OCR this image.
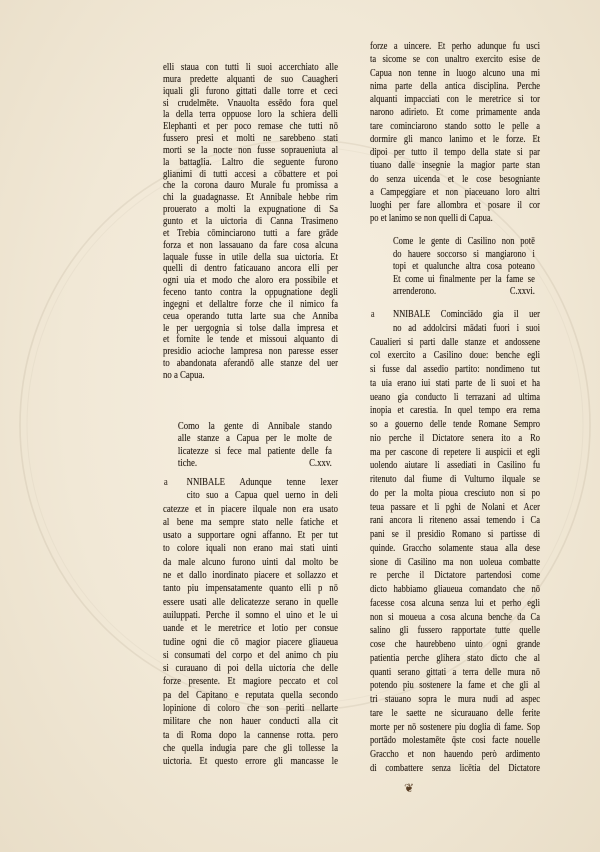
elli staua con tutti li suoi accerchiato alle
mura predette alquanti de suo Cauagheri
iquali gli furono gittati dalle torre et ceci
si crudelmēte. Vnauolta essēdo fora quel
la della terra oppuose loro la schiera delli
Elephanti et per poco remase che tutti nō
fussero presi et molti ne sarebbeno stati
morti se la nocte non fusse sopraueniuta al
la battaglia. Laltro die seguente furono
glianimi di tutti accesi a cōbattere et poi
che la corona dauro Murale fu promissa a
chi la guadagnasse. Et Annibale hebbe rim
prouerato a molti la expugnatione di Sa
gunto et la uictoria di Canna Trasimeno
et Trebia cōminciarono tutti a fare grāde
forza et non lassauano da fare cosa alcuna
laquale fusse in utile della sua uictoria. Et
quelli di dentro faticauano ancora elli per
ogni uia et modo che aloro era possibile et
feceno tanto contra la oppugnatione degli
ingegni et dellaltre forze che il nimico fa
ceua operando tutta larte sua che Anniba
le per uergognia si tolse dalla impresa et
et fornite le tende et missoui alquanto di
presidio acioche lampresa non paresse esser
to abandonata aferandō alle stanze del uer
no a Capua.
Como la gente di Annibale stando
alle stanze a Capua per le molte de
licatezze si fece mal patiente delle fa
tiche.	C.xxv.
a	NNIBALE Adunque tenne lexer
cito suo a Capua quel uerno in deli
catezze et in piacere ilquale non era usato
al bene ma sempre stato nelle fatiche et
usato a supportare ogni affanno. Et per tut
to colore iquali non erano mai stati uinti
da male alcuno furono uinti dal molto be
ne et dallo inordinato piacere et sollazzo et
tanto piu impensatamente quanto elli p nō
essere usati alle delicatezze serano in quelle
auiluppati. Perche il somno el uino et le ui
uande et le meretrice et lotio per consue
tudine ogni die cō magior piacere gliaueua
si consumati del corpo et del animo ch piu
si curauano di poi della uictoria che delle
forze presente. Et magiore peccato et col
pa del Capitano e reputata quella secondo
lopinione di coloro che son periti nellarte
militare che non hauer conducti alla cit
ta di Roma dopo la cannense rotta. pero
che quella indugia pare che gli tollesse la
uictoria. Et questo errore gli mancasse le
forze a uincere. Et perho adunque fu usci
ta sicome se con unaltro exercito esise de
Capua non tenne in luogo alcuno una mi
nima parte della antica disciplina. Perche
alquanti impacciati con le meretrice si tor
narono adirieto. Et come primamente anda
tare cominciarono stando sotto le pelle a
dormire gli manco lanimo et le forze. Et
dipoi per tutto il tempo della state si par
tiuano dalle insegnie la magior parte stan
do senza uicenda et le cose besogniante
a Campeggiare et non piaceuano loro altri
luoghi per fare allombra et posare il cor
po et lanimo se non quelli di Capua.
Come le gente di Casilino non potē
do hauere soccorso si mangiarono i
topi et qualunche altra cosa poteano
Et come ui finalmente per la fame se
arrenderono.	C.xxvi.
a	NNIBALE Cominciādo gia il uer
no ad addolcirsi mādati fuori i suoi
Caualieri si parti dalle stanze et andossene
col exercito a Casilino doue: benche egli
si fusse dal assedio partito: nondimeno tut
ta uia erano iui stati parte de li suoi et ha
ueano gia conducto li terrazani ad ultima
inopia et carestia. In quel tempo era rema
so a gouerno delle tende Romane Sempro
nio perche il Dictatore senera ito a Ro
ma per cascone di repetere li auspicii et egli
uolendo aiutare li assediati in Casilino fu
ritenuto dal fiume di Vulturno ilquale se
do per la molta pioua cresciuto non si po
teua passare et li pghi de Nolani et Acer
rani ancora li riteneno assai temendo i Ca
pani se il presidio Romano si partisse di
quinde. Graccho solamente staua alla dese
sione di Casilino ma non uoleua combatte
re perche il Dictatore partendosi come
dicto habbiamo gliaueua comandato che nō
facesse cosa alcuna senza lui et perho egli
non si moueua a cosa alcuna benche da Ca
salino gli fussero rapportate tutte quelle
cose che haurebbeno uinto ogni grande
patientia perche glihera stato dicto che al
quanti serano gittati a terra delle mura nō
potendo piu sostenere la fame et che gli al
tri stauano sopra le mura nudi ad aspec
tare le saette ne sicurauano delle ferite
morte per nō sostenere piu doglia di fame. Sop
portādo molestamēte q̄ste cosi facte nouelle
Graccho et non hauendo però ardimento
di combattere senza licētia del Dictatore
❦
